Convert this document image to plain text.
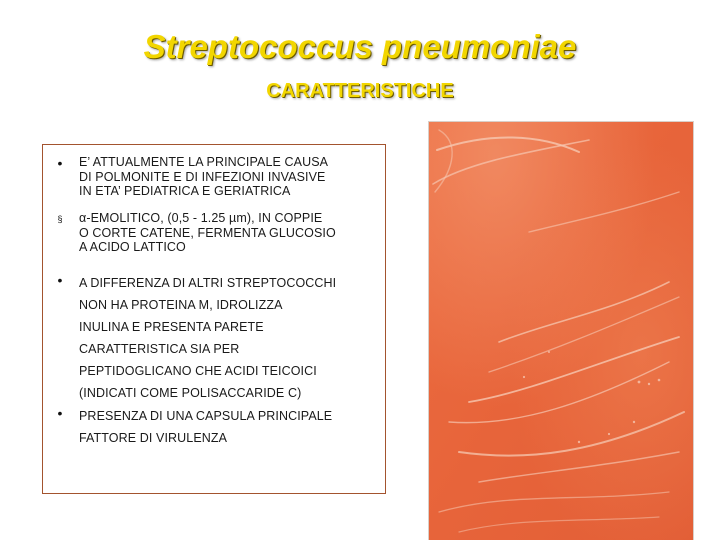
Streptococcus pneumoniae
CARATTERISTICHE
•	E’ ATTUALMENTE LA PRINCIPALE CAUSA
DI POLMONITE E DI INFEZIONI INVASIVE
IN ETA’ PEDIATRICA E GERIATRICA
§	α-EMOLITICO, (0,5 - 1.25 µm), IN COPPIE
O CORTE CATENE, FERMENTA GLUCOSIO
A ACIDO LATTICO
•	A DIFFERENZA DI ALTRI STREPTOCOCCHI
NON HA PROTEINA M, IDROLIZZA
INULINA E PRESENTA PARETE
CARATTERISTICA SIA PER
PEPTIDOGLICANO CHE ACIDI TEICOICI
(INDICATI COME POLISACCARIDE C)
•	PRESENZA DI UNA CAPSULA PRINCIPALE
FATTORE DI VIRULENZA
